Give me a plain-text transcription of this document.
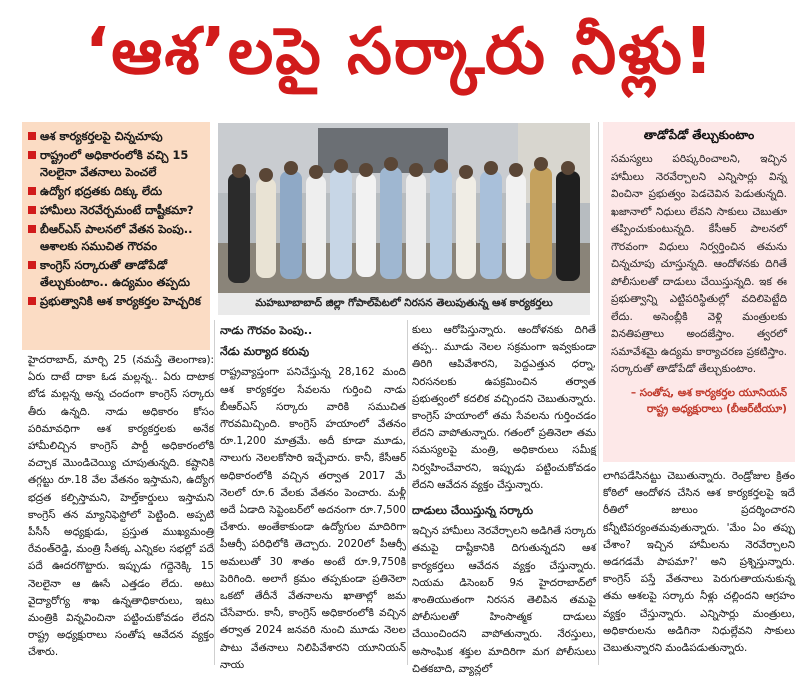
‘ఆశ’లపై సర్కారు నీళ్లు!
ఆశ కార్యకర్తలపై చిన్నచూపు
రాష్ట్రంలో అధికారంలోకి వచ్చి 15 నెలలైనా వేతనాలు పెంచలే
ఉద్యోగ భద్రతకు దిక్కు లేదు
హామీలు నెరవేర్చమంటే దాష్టీకమా?
బీఆర్‌ఎస్‌ పాలనలో వేతన పెంపు.. ఆశాలకు సముచిత గౌరవం
కాంగ్రెస్‌ సర్కారుతో తాడోపేడో తేల్చుకుంటాం.. ఉద్యమం తప్పదు
ప్రభుత్వానికి ఆశ కార్యకర్తల హెచ్చరిక	మహబూబాబాద్‌ జిల్లా గోపాల్‌పేటలో నిరసన తెలుపుతున్న ఆశ కార్యకర్తలు
తాడోపేడో తేల్చుకుంటాం

సమస్యలు పరిష్కరించాలని, ఇచ్చిన హామీలు నెరవేర్చాలని ఎన్నిసార్లు విన్న వించినా ప్రభుత్వం పెడచెవిన పెడుతున్నది. ఖజానాలో నిధులు లేవని సాకులు చెబుతూ తప్పించుకుంటున్నది. కేసీఆర్‌ పాలనలో గౌరవంగా విధులు నిర్వర్తించిన తమను చిన్నచూపు చూస్తున్నది. ఆందోళనకు దిగితే పోలీసులతో దాడులు చేయిస్తున్నది. ఇక ఈ ప్రభుత్వాన్ని ఎట్టిపరిస్థితుల్లో వదిలిపెట్టేది లేదు. అసెంబ్లీకి వెళ్లి మంత్రులకు వినతిపత్రాలు అందజేస్తాం. త్వరలో సమావేశమై ఉద్యమ కార్యాచరణ ప్రకటిస్తాం. సర్కారుతో తాడోపేడో తేల్చుకుంటాం.

– సంతోష, ఆశ కార్యకర్తల యూనియన్‌ రాష్ట్ర అధ్యక్షురాలు (బీఆర్‌టీయూ)
హైదరాబాద్‌, మార్చి 25 (నమస్తే తెలంగాణ): ఏరు దాటే దాకా ఓడ మల్లన్న.. ఏరు దాటాక బోడ మల్లన్న అన్న చందంగా కాంగ్రెస్‌ సర్కారు తీరు ఉన్నది. నాడు అధికారం కోసం పరిమావధిగా ఆశ కార్యకర్తలకు అనేక హామీలిచ్చిన కాంగ్రెస్‌ పార్టీ అధికారంలోకి వచ్చాక మొండిచెయ్యి చూపుతున్నది. కష్టానికి తగ్గట్టు రూ.18 వేల వేతనం ఇస్తామని, ఉద్యోగ భద్రత కల్పిస్తామని, హెల్త్‌కార్డులు ఇస్తామని కాంగ్రెస్‌ తన మ్యానిఫెస్టోలో పెట్టింది. అప్పటి పీసీసీ అధ్యక్షుడు, ప్రస్తుత ముఖ్యమంత్రి రేవంత్‌రెడ్డి, మంత్రి సీతక్క ఎన్నికల సభల్లో పదే పదే ఊదరగొట్టారు. ఇప్పుడు గద్దెనెక్కి 15 నెలలైనా ఆ ఊసే ఎత్తడం లేదు. అటు వైద్యారోగ్య శాఖ ఉన్నతాధికారులు, ఇటు మంత్రికి విన్నవించినా పట్టించుకోవడం లేదని రాష్ట్ర అధ్యక్షురాలు సంతోష ఆవేదన వ్యక్తం చేశారు.
నాడు గౌరవం పెంపు..
నేడు మర్యాద కరువు
రాష్ట్రవ్యాప్తంగా పనిచేస్తున్న 28,162 మంది ఆశ కార్యకర్తల సేవలను గుర్తించి నాడు బీఆర్‌ఎస్‌ సర్కారు వారికి సముచిత గౌరవమిచ్చింది. కాంగ్రెస్‌ హయాంలో వేతనం రూ.1,200 మాత్రమే. అదీ కూడా మూడు, నాలుగు నెలలకోసారి ఇచ్చేవారు. కానీ, కేసీఆర్‌ అధికారంలోకి వచ్చిన తర్వాత 2017 మే నెలలో రూ.6 వేలకు వేతనం పెంచారు. మళ్లీ అదే ఏడాది సెప్టెంబర్‌లో అదనంగా రూ.7,500 చేశారు. అంతేకాకుండా ఉద్యోగుల మాదిరిగా పీఆర్సీ పరిధిలోకి తెచ్చారు. 2020లో పీఆర్సీ అమలుతో 30 శాతం అంటే రూ.9,750కి పెరిగింది. అలాగే క్రమం తప్పకుండా ప్రతినెలా ఒకటో తేదీనే వేతనాలను ఖాతాల్లో జమ చేసేవారు. కానీ, కాంగ్రెస్‌ అధికారంలోకి వచ్చిన తర్వాత 2024 జనవరి నుంచి మూడు నెలల పాటు వేతనాలు నిలిపివేశారని యూనియన్‌ నాయ
కులు ఆరోపిస్తున్నారు. ఆందోళనకు దిగితే తప్ప.. మూడు నెలల సక్రమంగా ఇవ్వకుండా తిరిగి ఆపివేశారని, పెద్దఎత్తున ధర్నా, నిరసనలకు ఉపక్రమించిన తర్వాత ప్రభుత్వంలో కదలిక వచ్చిందని చెబుతున్నారు. కాంగ్రెస్‌ హయాంలో తమ సేవలను గుర్తించడం లేదని వాపోతున్నారు. గతంలో ప్రతినెలా తమ సమస్యలపై మంత్రి, అధికారులు సమీక్ష నిర్వహించేవారని, ఇప్పుడు పట్టించుకోవడం లేదని ఆవేదన వ్యక్తం చేస్తున్నారు.
దాడులు చేయిస్తున్న సర్కారు
ఇచ్చిన హామీలు నెరవేర్చాలని అడిగితే సర్కారు తమపై దాష్టీకానికి దిగుతున్నదని ఆశ కార్యకర్తలు ఆవేదన వ్యక్తం చేస్తున్నారు. నియమ డిసెంబర్‌ 9న హైదరాబాద్‌లో శాంతియుతంగా నిరసన తెలిపిన తమపై పోలీసులతో హింసాత్మక దాడులు చేయించిందని వాపోతున్నారు. నేరస్తులు, అసాంఘిక శక్తుల మాదిరిగా మగ పోలీసులు చితకబాది, వ్యాన్లలో
లాగిపడేసినట్టు చెబుతున్నారు. రెండ్రోజుల క్రితం కోఠిలో ఆందోళన చేసిన ఆశ కార్యకర్తలపై ఇదే రీతిలో జులుం ప్రదర్శించారని కన్నీటిపర్యంతమవుతున్నారు. 'మేం ఏం తప్పు చేశాం? ఇచ్చిన హామీలను నెరవేర్చాలని అడగడమే పాపమా?' అని ప్రశ్నిస్తున్నారు. కాంగ్రెస్‌ పస్తే వేతనాలు పెరుగుతాయనుకున్న తమ ఆశలపై సర్కారు నీళ్లు చల్లిందని ఆగ్రహం వ్యక్తం చేస్తున్నారు. ఎన్నిసార్లు మంత్రులు, అధికారులను అడిగినా నిధుల్లేవని సాకులు చెబుతున్నారని మండిపడుతున్నారు.
